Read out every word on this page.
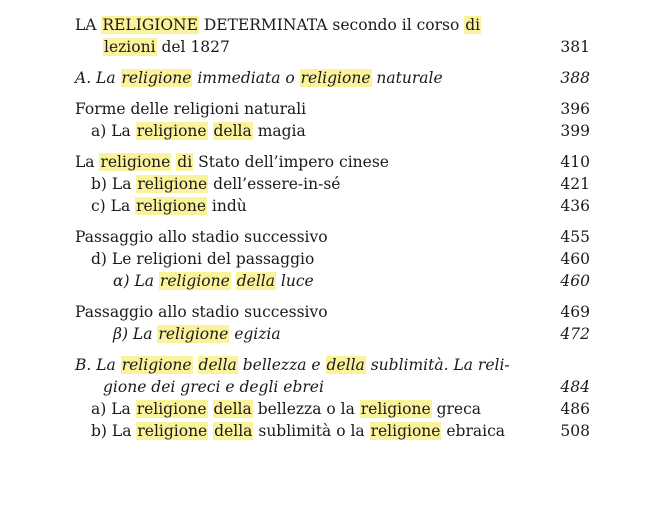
LA RELIGIONE DETERMINATA secondo il corso di
lezioni del 1827	381
A. La religione immediata o religione naturale	388
Forme delle religioni naturali	396
a) La religione della magia	399
La religione di Stato dell’impero cinese	410
b) La religione dell’essere-in-sé	421
c) La religione indù	436
Passaggio allo stadio successivo	455
d) Le religioni del passaggio	460
α) La religione della luce	460
Passaggio allo stadio successivo	469
β) La religione egizia	472
B. La religione della bellezza e della sublimità. La reli-
gione dei greci e degli ebrei	484
a) La religione della bellezza o la religione greca	486
b) La religione della sublimità o la religione ebraica	508
